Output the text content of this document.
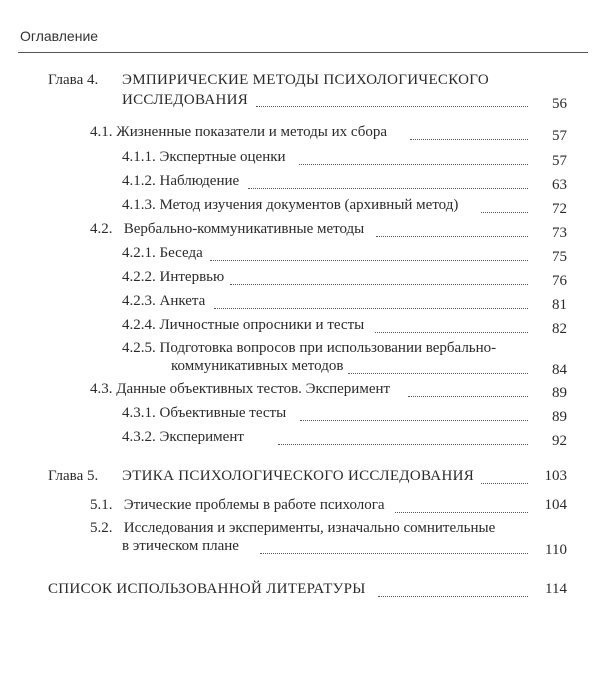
Оглавление
Глава 4. ЭМПИРИЧЕСКИЕ МЕТОДЫ ПСИХОЛОГИЧЕСКОГО
ИССЛЕДОВАНИЯ	56
4.1. Жизненные показатели и методы их сбора	57
4.1.1. Экспертные оценки	57
4.1.2. Наблюдение	63
4.1.3. Метод изучения документов (архивный метод)	72
4.2. Вербально-коммуникативные методы	73
4.2.1. Беседа	75
4.2.2. Интервью	76
4.2.3. Анкета	81
4.2.4. Личностные опросники и тесты	82
4.2.5. Подготовка вопросов при использовании вербально-
коммуникативных методов	84
4.3. Данные объективных тестов. Эксперимент	89
4.3.1. Объективные тесты	89
4.3.2. Эксперимент	92
Глава 5. ЭТИКА ПСИХОЛОГИЧЕСКОГО ИССЛЕДОВАНИЯ	103
5.1. Этические проблемы в работе психолога	104
5.2. Исследования и эксперименты, изначально сомнительные
в этическом плане	110
СПИСОК ИСПОЛЬЗОВАННОЙ ЛИТЕРАТУРЫ	114
